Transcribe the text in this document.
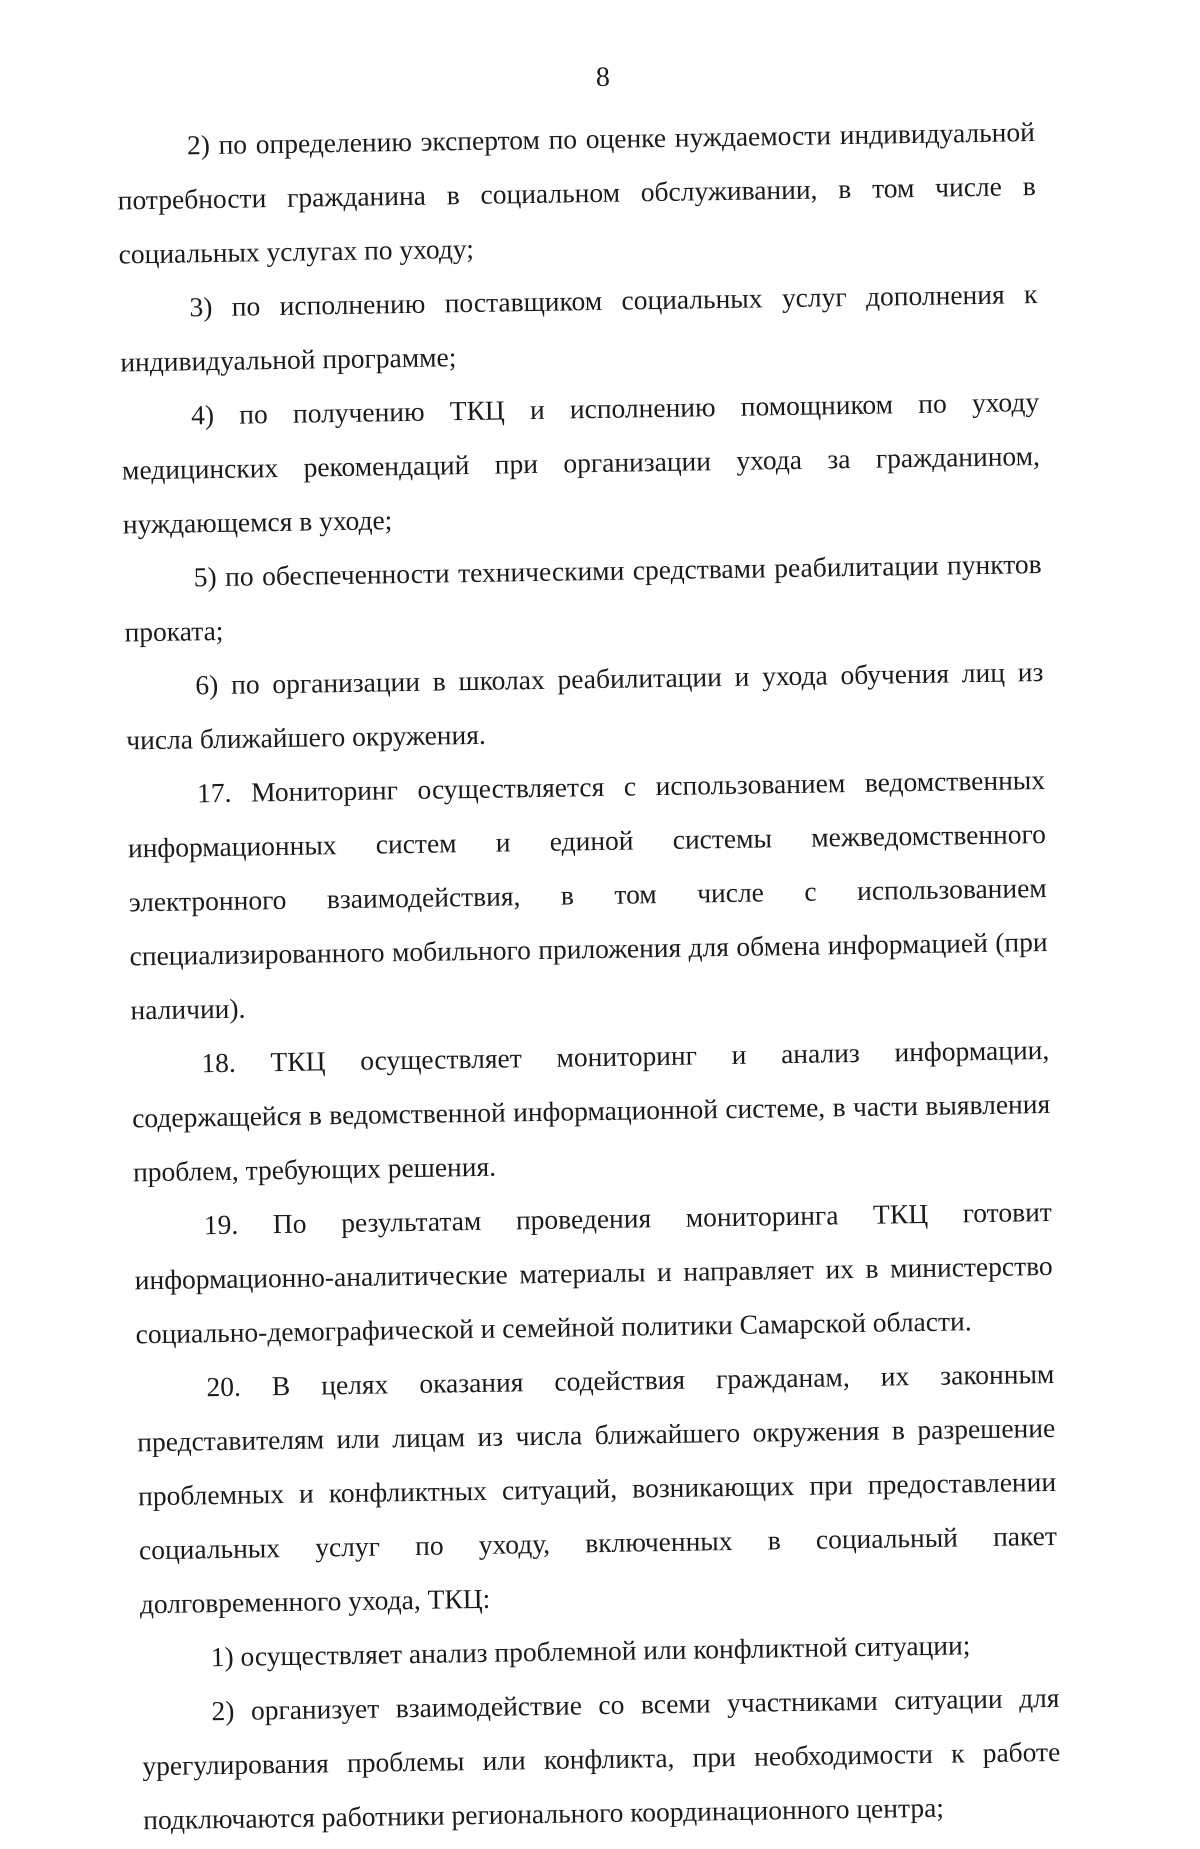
8

2) по определению экспертом по оценке нуждаемости индивидуальной потребности гражданина в социальном обслуживании, в том числе в социальных услугах по уходу;

3) по исполнению поставщиком социальных услуг дополнения к индивидуальной программе;

4) по получению ТКЦ и исполнению помощником по уходу медицинских рекомендаций при организации ухода за гражданином, нуждающемся в уходе;

5) по обеспеченности техническими средствами реабилитации пунктов проката;

6) по организации в школах реабилитации и ухода обучения лиц из числа ближайшего окружения.

17. Мониторинг осуществляется с использованием ведомственных информационных систем и единой системы межведомственного электронного взаимодействия, в том числе с использованием специализированного мобильного приложения для обмена информацией (при наличии).

18. ТКЦ осуществляет мониторинг и анализ информации, содержащейся в ведомственной информационной системе, в части выявления проблем, требующих решения.

19. По результатам проведения мониторинга ТКЦ готовит информационно-аналитические материалы и направляет их в министерство социально-демографической и семейной политики Самарской области.

20. В целях оказания содействия гражданам, их законным представителям или лицам из числа ближайшего окружения в разрешение проблемных и конфликтных ситуаций, возникающих при предоставлении социальных услуг по уходу, включенных в социальный пакет долговременного ухода, ТКЦ:

1) осуществляет анализ проблемной или конфликтной ситуации;

2) организует взаимодействие со всеми участниками ситуации для урегулирования проблемы или конфликта, при необходимости к работе подключаются работники регионального координационного центра;
